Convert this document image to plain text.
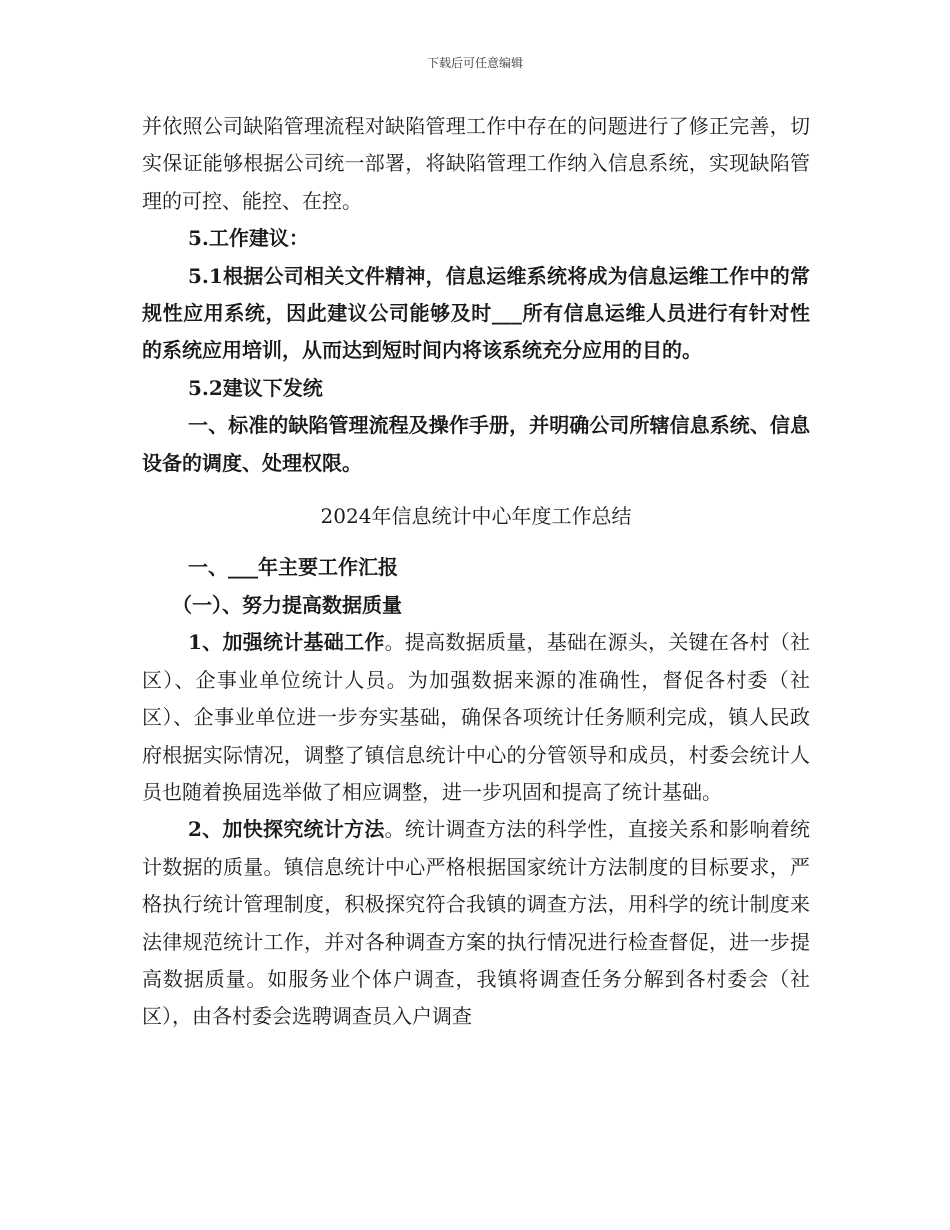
下载后可任意编辑

并依照公司缺陷管理流程对缺陷管理工作中存在的问题进行了修正完善，切实保证能够根据公司统一部署，将缺陷管理工作纳入信息系统，实现缺陷管理的可控、能控、在控。

5.工作建议：

5.1根据公司相关文件精神，信息运维系统将成为信息运维工作中的常规性应用系统，因此建议公司能够及时___所有信息运维人员进行有针对性的系统应用培训，从而达到短时间内将该系统充分应用的目的。

5.2建议下发统

一、标准的缺陷管理流程及操作手册，并明确公司所辖信息系统、信息设备的调度、处理权限。

2024年信息统计中心年度工作总结

一、___年主要工作汇报

（一）、努力提高数据质量

1、加强统计基础工作。提高数据质量，基础在源头，关键在各村（社区）、企事业单位统计人员。为加强数据来源的准确性，督促各村委（社区）、企事业单位进一步夯实基础，确保各项统计任务顺利完成，镇人民政府根据实际情况，调整了镇信息统计中心的分管领导和成员，村委会统计人员也随着换届选举做了相应调整，进一步巩固和提高了统计基础。

2、加快探究统计方法。统计调查方法的科学性，直接关系和影响着统计数据的质量。镇信息统计中心严格根据国家统计方法制度的目标要求，严格执行统计管理制度，积极探究符合我镇的调查方法，用科学的统计制度来法律规范统计工作，并对各种调查方案的执行情况进行检查督促，进一步提高数据质量。如服务业个体户调查，我镇将调查任务分解到各村委会（社区），由各村委会选聘调查员入户调查
